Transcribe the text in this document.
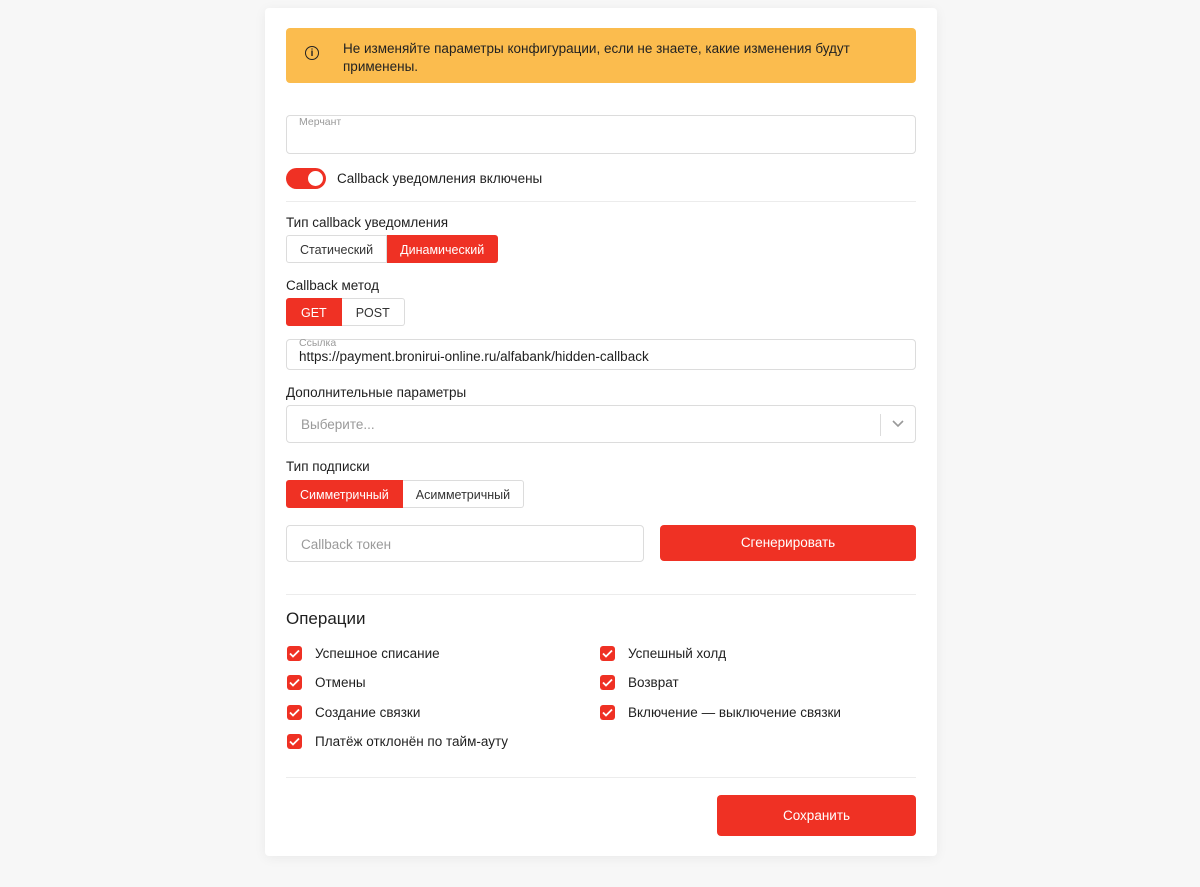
i	Не изменяйте параметры конфигурации, если не знаете, какие изменения будут применены.
Мерчант
Callback уведомления включены
Тип callback уведомления
Статический	Динамический
Callback метод
GET	POST
Ссылка
https://payment.bronirui-online.ru/alfabank/hidden-callback
Дополнительные параметры
Выберите...
Тип подписки
Симметричный	Асимметричный
Callback токен	Сгенерировать
Операции
Успешное списание
Отмены
Создание связки
Платёж отклонён по тайм-ауту
Успешный холд
Возврат
Включение — выключение связки
Сохранить
